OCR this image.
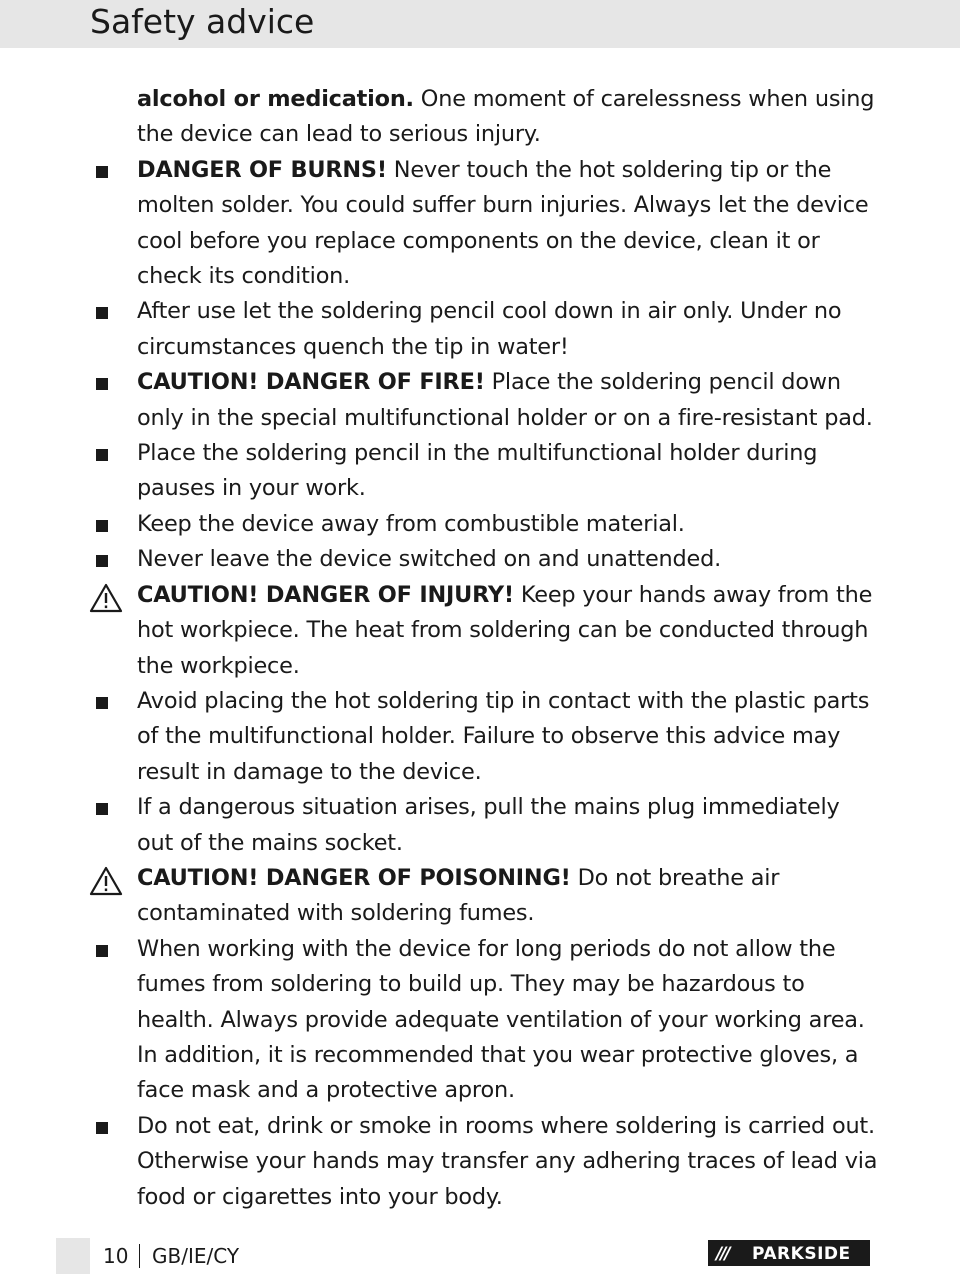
Safety advice
alcohol or medication. One moment of carelessness when using the device can lead to serious injury.
DANGER OF BURNS! Never touch the hot soldering tip or the molten solder. You could suffer burn injuries. Always let the device cool before you replace components on the device, clean it or check its condition.
After use let the soldering pencil cool down in air only. Under no circumstances quench the tip in water!
CAUTION! DANGER OF FIRE! Place the soldering pencil down only in the special multifunctional holder or on a fire-resistant pad.
Place the soldering pencil in the multifunctional holder during pauses in your work.
Keep the device away from combustible material.
Never leave the device switched on and unattended.
CAUTION! DANGER OF INJURY! Keep your hands away from the hot workpiece. The heat from soldering can be conducted through the workpiece.
Avoid placing the hot soldering tip in contact with the plastic parts of the multifunctional holder. Failure to observe this advice may result in damage to the device.
If a dangerous situation arises, pull the mains plug immediately out of the mains socket.
CAUTION! DANGER OF POISONING! Do not breathe air contaminated with soldering fumes.
When working with the device for long periods do not allow the fumes from soldering to build up. They may be hazardous to health. Always provide adequate ventilation of your working area. In addition, it is recommended that you wear protective gloves, a face mask and a protective apron.
Do not eat, drink or smoke in rooms where soldering is carried out. Otherwise your hands may transfer any adhering traces of lead via food or cigarettes into your body.
10 GB/IE/CY	/// PARKSIDE
